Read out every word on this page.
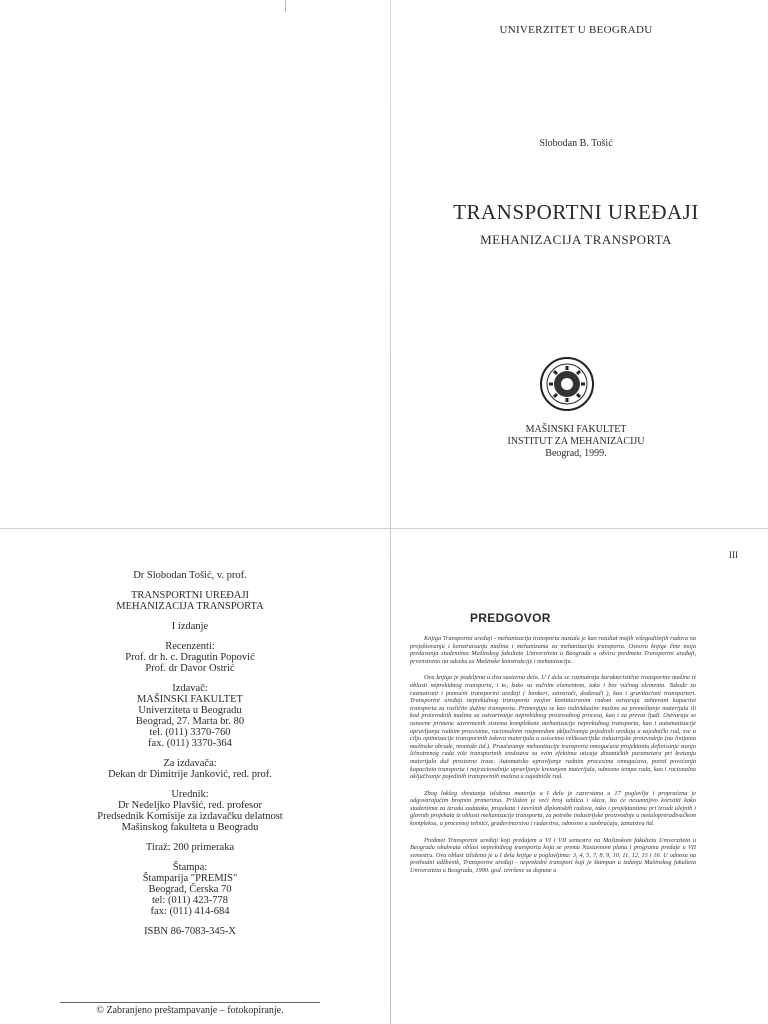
UNIVERZITET U BEOGRADU
Slobodan B. Tošić
TRANSPORTNI UREĐAJI
MEHANIZACIJA TRANSPORTA
MAŠINSKI FAKULTET
INSTITUT ZA MEHANIZACIJU
Beograd, 1999.
Dr Slobodan Tošić, v. prof.
TRANSPORTNI UREĐAJI
MEHANIZACIJA TRANSPORTA
I izdanje
Recenzenti:
Prof. dr h. c. Dragutin Popović
Prof. dr Davor Ostrić
Izdavač:
MAŠINSKI FAKULTET
Univerziteta u Beogradu
Beograd, 27. Marta br. 80
tel. (011) 3370-760
fax. (011) 3370-364
Za izdavača:
Dekan dr Dimitrije Janković, red. prof.
Urednik:
Dr Nedeljko Plavšić, red. profesor
Predsednik Komisije za izdavačku delatnost
Mašinskog fakulteta u Beogradu
Tiraž: 200 primeraka
Štampa:
Štamparija "PREMIS"
Beograd, Čerska 70
tel: (011) 423-778
fax: (011) 414-684
ISBN 86-7083-345-X
© Zabranjeno preštampavanje – fotokopiranje.
III
PREDGOVOR

Knjiga Transportni uređaji - mehanizacija transporta nastala je kao rezultat mojih višegodišnjih radova na projektovanju i konstruisanju mašina i mehanizama za mehanizaciju transporta. Osnovu knjige čine moja predavanja studentima Mašinskog fakulteta Univerziteta u Beogradu u okviru predmeta Transportni uređaji, prvenstveno na odseku za Mašinske konstrukcije i mehanizaciju.

Ova knjiga je podeljena u dva sastavna dela. U I delu se razmatraju karakteristične transportne mašine iz oblasti neprekidnog transporta, i to, kako sa vučnim elementom, tako i bez vučnog elementa. Takođe su razmatrani i pomoćni transportni uređaji ( bunkeri, zatvarači, dodavači ), kao i gravitacioni transporteri. Transportni uređaji neprekidnog transporta svojim kontinuiranim radom ostvaruju zahtevani kapacitet transporta za različite dužine transporta. Primenjuju se kao individualne mašine za premeštanje materijala ili kod proizvodnih mašina za ostvarivanje neprekidnog proizvodnog procesa, kao i za prevoz ljudi. Ostvaruju se osnovne primene savremenih sistema kompleksne mehanizacije neprekidnog transporta, kao i automatizacije upravljanja radnim procesima, racionalnim rasporedom uključivanja pojedinih uređaja u zajednički rad, sve u cilju optimizacije transportnih tokova materijala u uslovima velikoserijske industrijske proizvodnje (na linijama mašinske obrade, montaže itd.). Proučavanje mehanizacije transporta omogućava projektantu definisanje stanja ličnotrenog rada više transportnih sredstava sa svim efektima uticaja dinamičkih parametara pri kretanju materijala duž prostorne trase. Automatsko upravljanje radnim procesima omogućava, pored povećanja kapaciteta transporta i najracionalnije upravljanje kretanjem materijala, odnosno tempa rada, kao i racionalno uključivanje pojedinih transportnih mašina u zajednički rad.

Zbog lakšeg shvatanja izložena materija u I delu je razvrstana u 17 poglavlja i propraćena je odgovarajućim brojnim primerima. Priložen je veći broj tablica i skica, što će nesumnjivo koristiti kako studentima za izradu zadataka, projekata i završnih diplomskih radova, tako i projektantima pri izradi idejnih i glavnih projekata iz oblasti mehanizacije transporta, za potrebe industrijske proizvodnje u metaloprerađivačkom kompleksu, u procesnoj tehnici, građevinarstvu i rudarstvu, odnosno u saobraćaju, zanatstvu itd.

Predmet Transportni uređaji koji predajem u VI i VII semestru na Mašinskom fakultetu Univerziteta u Beogradu obuhvata oblast neprekidnog transporta koja se prema Nastavnom planu i programu predaje u VII semestru. Ova oblast izložena je u I delu knjige u poglavljima: 3, 4, 5, 7, 8, 9, 10, 11, 12, 15 i 16. U odnosu na prethodni udžbenik, Transportni uređaji - neprekidni transport koji je štampan u izdanju Mašinskog fakulteta Univerziteta u Beogradu, 1990. god. izvršene su dopune u
